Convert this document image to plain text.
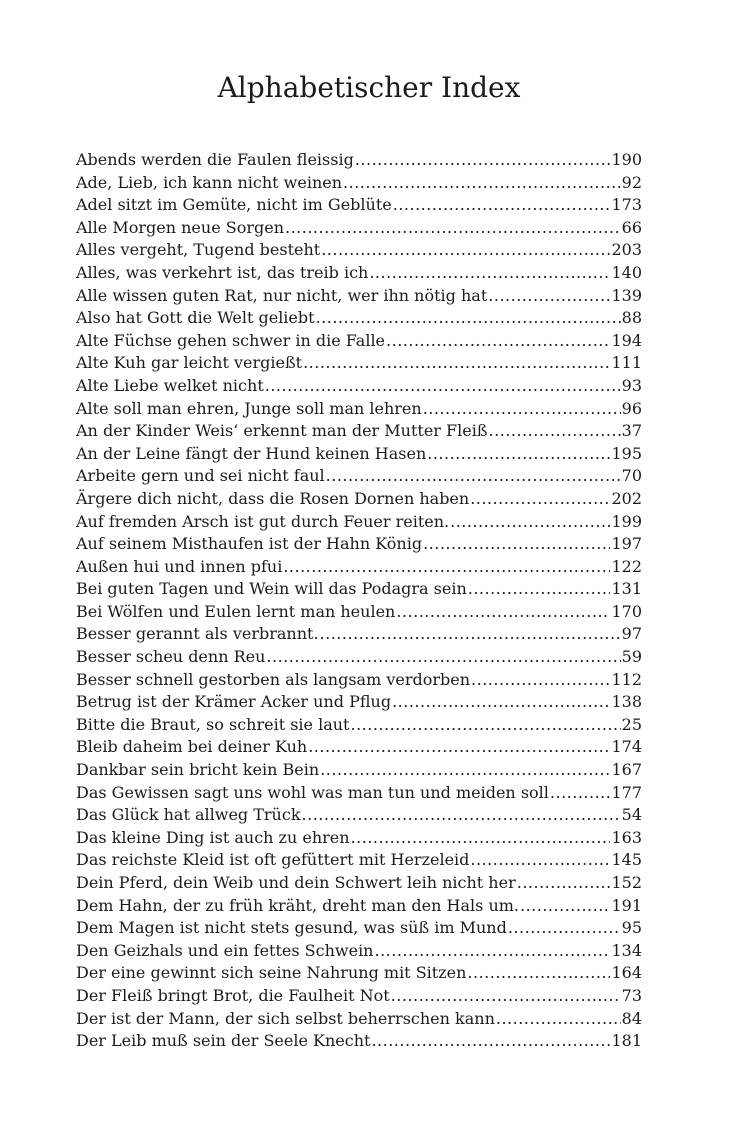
Alphabetischer Index
Abends werden die Faulen fleissig .....	190
Ade, Lieb, ich kann nicht weinen .....	92
Adel sitzt im Gemüte, nicht im Geblüte .....	173
Alle Morgen neue Sorgen .....	66
Alles vergeht, Tugend besteht .....	203
Alles, was verkehrt ist, das treib ich .....	140
Alle wissen guten Rat, nur nicht, wer ihn nötig hat .....	139
Also hat Gott die Welt geliebt .....	88
Alte Füchse gehen schwer in die Falle .....	194
Alte Kuh gar leicht vergießt .....	111
Alte Liebe welket nicht .....	93
Alte soll man ehren, Junge soll man lehren .....	96
An der Kinder Weis‘ erkennt man der Mutter Fleiß .....	37
An der Leine fängt der Hund keinen Hasen .....	195
Arbeite gern und sei nicht faul .....	70
Ärgere dich nicht, dass die Rosen Dornen haben .....	202
Auf fremden Arsch ist gut durch Feuer reiten. .....	199
Auf seinem Misthaufen ist der Hahn König .....	197
Außen hui und innen pfui .....	122
Bei guten Tagen und Wein will das Podagra sein .....	131
Bei Wölfen und Eulen lernt man heulen .....	170
Besser gerannt als verbrannt. .....	97
Besser scheu denn Reu .....	59
Besser schnell gestorben als langsam verdorben .....	112
Betrug ist der Krämer Acker und Pflug .....	138
Bitte die Braut, so schreit sie laut .....	25
Bleib daheim bei deiner Kuh .....	174
Dankbar sein bricht kein Bein .....	167
Das Gewissen sagt uns wohl was man tun und meiden soll .....	177
Das Glück hat allweg Trück .....	54
Das kleine Ding ist auch zu ehren .....	163
Das reichste Kleid ist oft gefüttert mit Herzeleid .....	145
Dein Pferd, dein Weib und dein Schwert leih nicht her .....	152
Dem Hahn, der zu früh kräht, dreht man den Hals um. .....	191
Dem Magen ist nicht stets gesund, was süß im Mund .....	95
Den Geizhals und ein fettes Schwein .....	134
Der eine gewinnt sich seine Nahrung mit Sitzen .....	164
Der Fleiß bringt Brot, die Faulheit Not .....	73
Der ist der Mann, der sich selbst beherrschen kann .....	84
Der Leib muß sein der Seele Knecht .....	181
